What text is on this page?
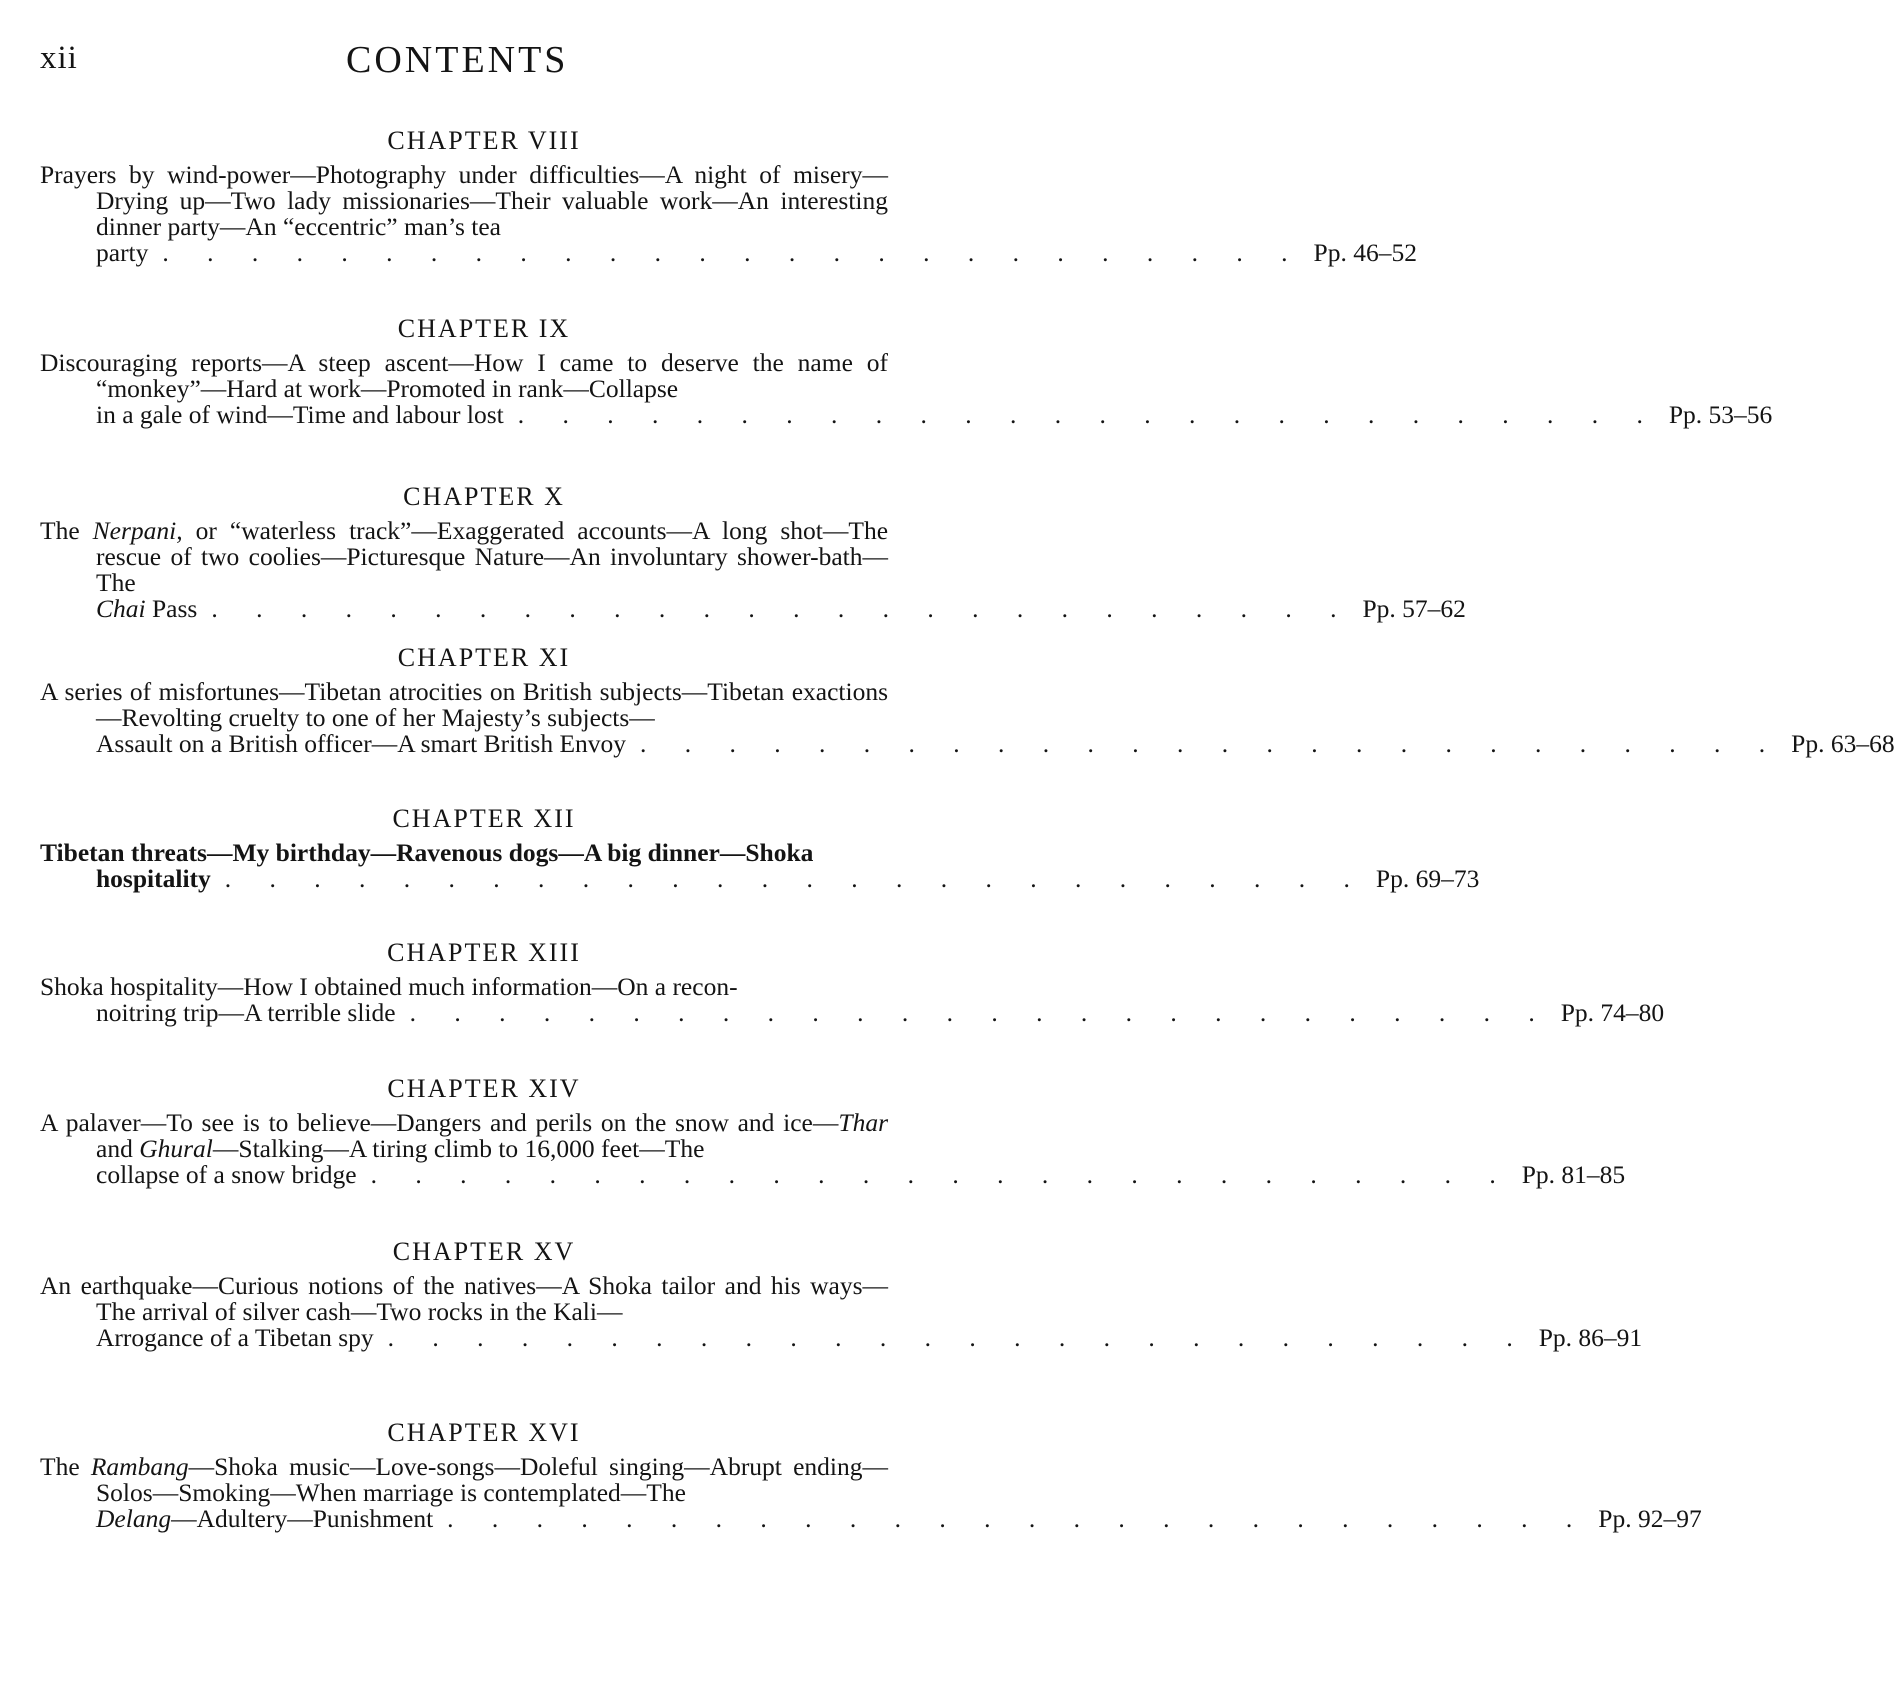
xii	CONTENTS
CHAPTER VIII

Prayers by wind-power—Photography under difficulties—A night of misery—Drying up—Two lady missionaries—Their valuable work—An interesting dinner party—An “eccentric” man’s tea

party . . . . . . . . . . . . . . . . . . . . . . . . . . Pp. 46–52
CHAPTER IX

Discouraging reports—A steep ascent—How I came to deserve the name of “monkey”—Hard at work—Promoted in rank—Collapse

in a gale of wind—Time and labour lost . . . . . . . . . . . . . . . . . . . . . . . . . . Pp. 53–56
CHAPTER X

The Nerpani, or “waterless track”—Exaggerated accounts—A long shot—The rescue of two coolies—Picturesque Nature—An involuntary shower-bath—The

Chai Pass . . . . . . . . . . . . . . . . . . . . . . . . . . Pp. 57–62
CHAPTER XI

A series of misfortunes—Tibetan atrocities on British subjects—Tibetan exactions—Revolting cruelty to one of her Majesty’s subjects—

Assault on a British officer—A smart British Envoy . . . . . . . . . . . . . . . . . . . . . . . . . . Pp. 63–68
CHAPTER XII

Tibetan threats—My birthday—Ravenous dogs—A big dinner—Shoka

hospitality . . . . . . . . . . . . . . . . . . . . . . . . . . Pp. 69–73
CHAPTER XIII

Shoka hospitality—How I obtained much information—On a recon-

noitring trip—A terrible slide . . . . . . . . . . . . . . . . . . . . . . . . . . Pp. 74–80
CHAPTER XIV

A palaver—To see is to believe—Dangers and perils on the snow and ice—Thar and Ghural—Stalking—A tiring climb to 16,000 feet—The

collapse of a snow bridge . . . . . . . . . . . . . . . . . . . . . . . . . . Pp. 81–85
CHAPTER XV

An earthquake—Curious notions of the natives—A Shoka tailor and his ways—The arrival of silver cash—Two rocks in the Kali—

Arrogance of a Tibetan spy . . . . . . . . . . . . . . . . . . . . . . . . . . Pp. 86–91
CHAPTER XVI

The Rambang—Shoka music—Love-songs—Doleful singing—Abrupt ending—Solos—Smoking—When marriage is contemplated—The

Delang—Adultery—Punishment . . . . . . . . . . . . . . . . . . . . . . . . . . Pp. 92–97
